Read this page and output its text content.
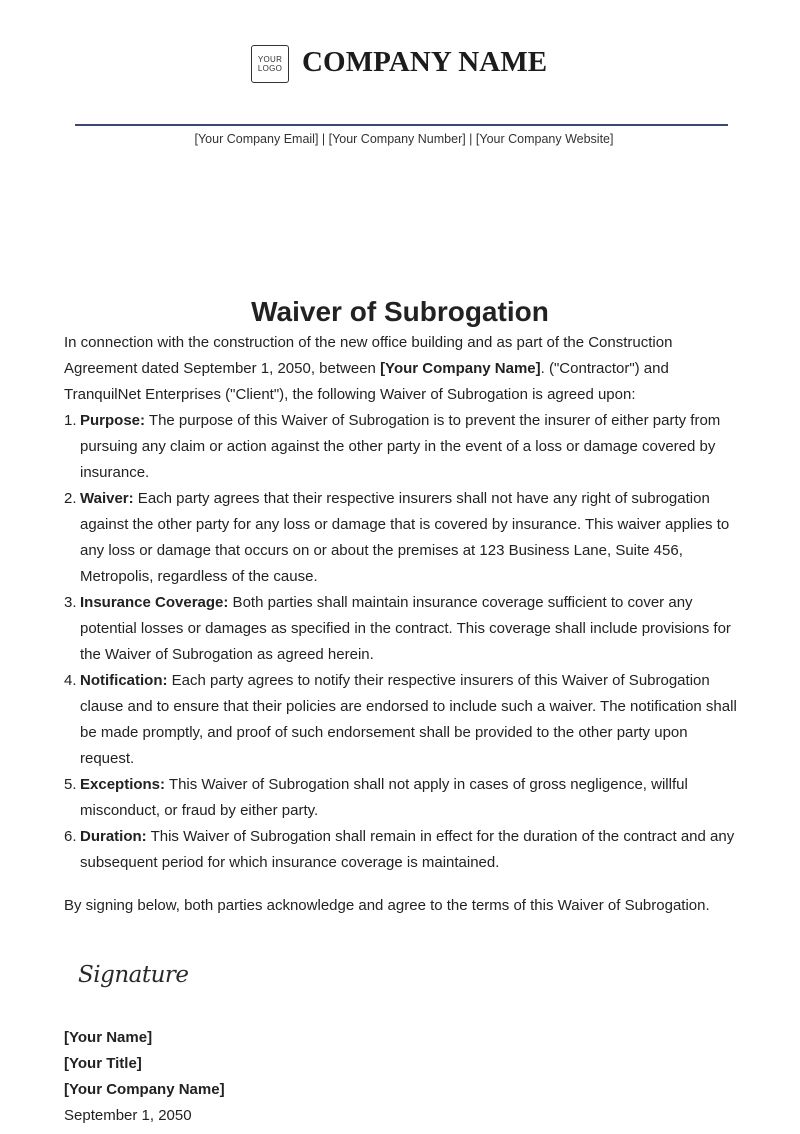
YOUR
LOGO COMPANY NAME
[Your Company Email] | [Your Company Number] | [Your Company Website]
Waiver of Subrogation

In connection with the construction of the new office building and as part of the Construction Agreement dated September 1, 2050, between [Your Company Name]. ("Contractor") and TranquilNet Enterprises ("Client"), the following Waiver of Subrogation is agreed upon:

1. Purpose: The purpose of this Waiver of Subrogation is to prevent the insurer of either party from pursuing any claim or action against the other party in the event of a loss or damage covered by insurance.
2. Waiver: Each party agrees that their respective insurers shall not have any right of subrogation against the other party for any loss or damage that is covered by insurance. This waiver applies to any loss or damage that occurs on or about the premises at 123 Business Lane, Suite 456, Metropolis, regardless of the cause.
3. Insurance Coverage: Both parties shall maintain insurance coverage sufficient to cover any potential losses or damages as specified in the contract. This coverage shall include provisions for the Waiver of Subrogation as agreed herein.
4. Notification: Each party agrees to notify their respective insurers of this Waiver of Subrogation clause and to ensure that their policies are endorsed to include such a waiver. The notification shall be made promptly, and proof of such endorsement shall be provided to the other party upon request.
5. Exceptions: This Waiver of Subrogation shall not apply in cases of gross negligence, willful misconduct, or fraud by either party.
6. Duration: This Waiver of Subrogation shall remain in effect for the duration of the contract and any subsequent period for which insurance coverage is maintained.
By signing below, both parties acknowledge and agree to the terms of this Waiver of Subrogation.
Signature
[Your Name]
[Your Title]
[Your Company Name]
September 1, 2050
